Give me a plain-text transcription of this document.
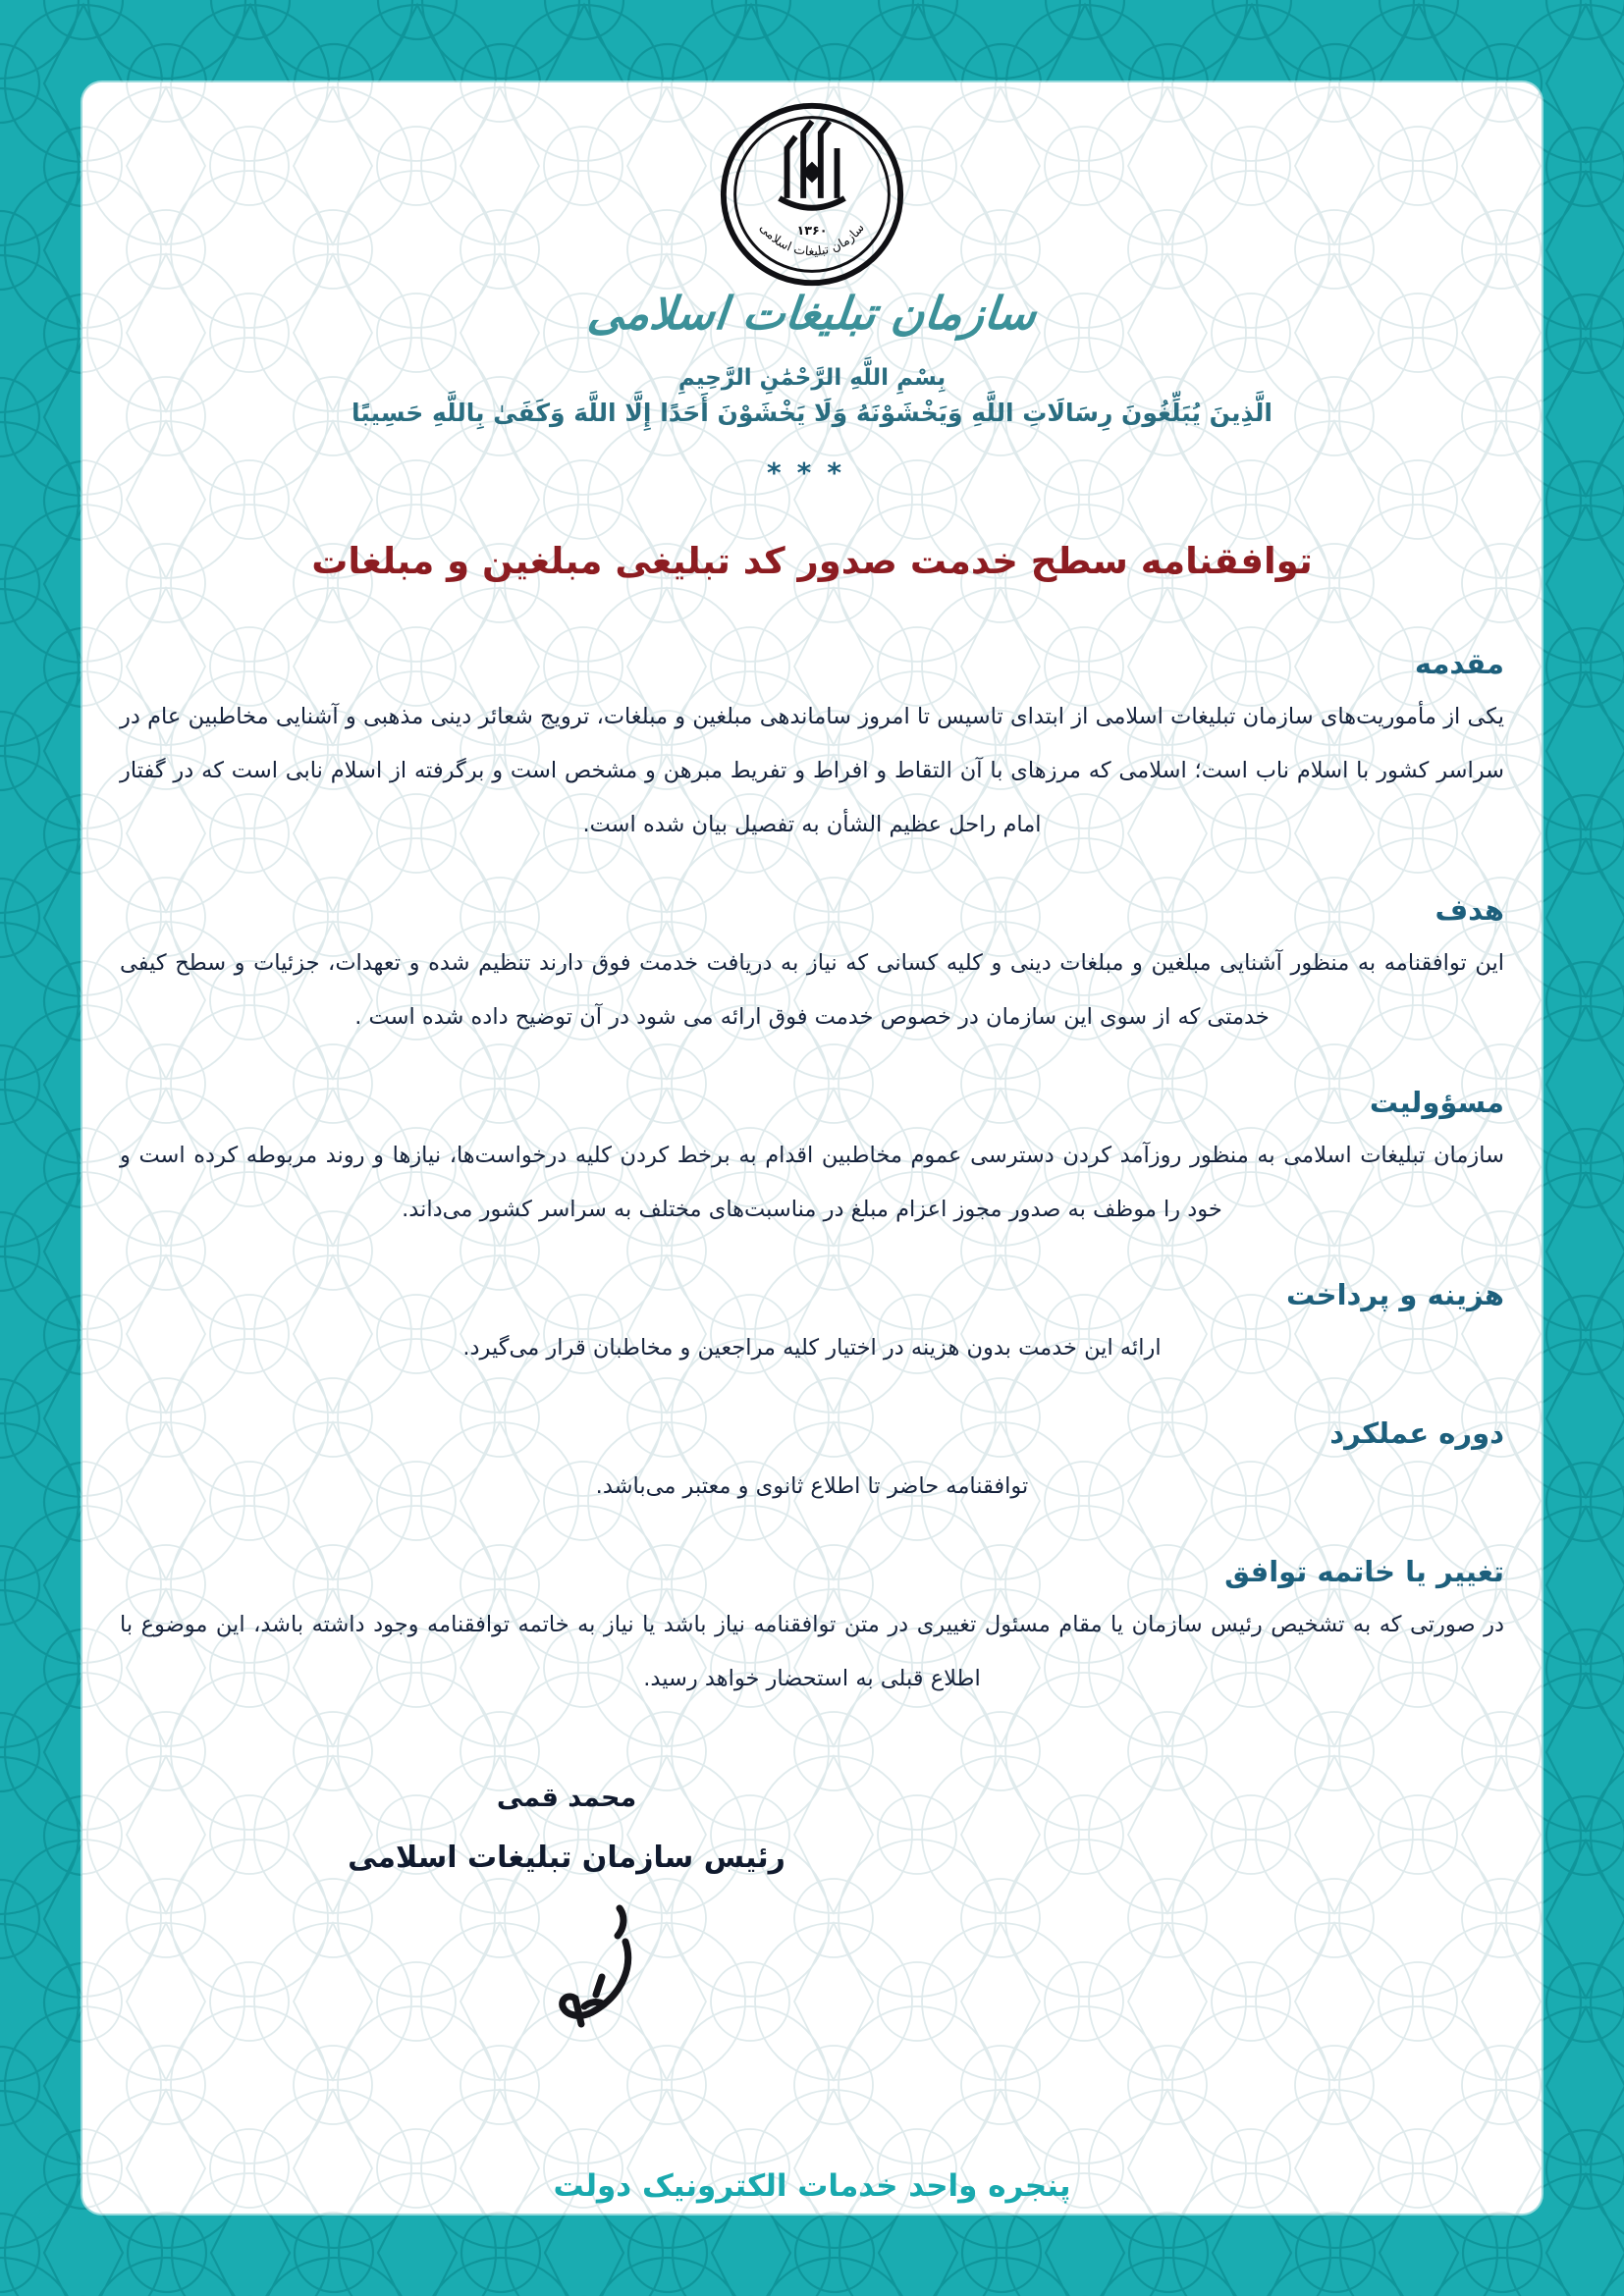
۱۳۶۰
سازمان تبلیغات اسلامی
سازمان تبلیغات اسلامی
بِسْمِ اللَّهِ الرَّحْمَٰنِ الرَّحِيمِ
الَّذِينَ يُبَلِّغُونَ رِسَالَاتِ اللَّهِ وَيَخْشَوْنَهُ وَلَا يَخْشَوْنَ أَحَدًا إِلَّا اللَّهَ وَكَفَىٰ بِاللَّهِ حَسِيبًا
***
توافقنامه سطح خدمت صدور کد تبلیغی مبلغین و مبلغات
مقدمه

یکی از مأموریت‌های سازمان تبلیغات اسلامی از ابتدای تاسیس تا امروز ساماندهی مبلغین و مبلغات، ترویج شعائر دینی مذهبی و آشنایی مخاطبین عام در سراسر کشور با اسلام ناب است؛ اسلامی که مرزهای با آن التقاط و افراط و تفریط مبرهن و مشخص است و برگرفته از اسلام نابی است که در گفتار امام راحل عظیم الشأن به تفصیل بیان شده است.

هدف

این توافقنامه به منظور آشنایی مبلغین و مبلغات دینی و کلیه کسانی که نیاز به دریافت خدمت فوق دارند تنظیم شده و تعهدات، جزئیات و سطح کیفی خدمتی که از سوی این سازمان در خصوص خدمت فوق ارائه می شود در آن توضیح داده شده است .

مسؤولیت

سازمان تبلیغات اسلامی به منظور روزآمد کردن دسترسی عموم مخاطبین اقدام به برخط کردن کلیه درخواست‌ها، نیازها و روند مربوطه کرده است و خود را موظف به صدور مجوز اعزام مبلغ در مناسبت‌های مختلف به سراسر کشور می‌داند.

هزینه و پرداخت

ارائه این خدمت بدون هزینه در اختیار کلیه مراجعین و مخاطبان قرار می‌گیرد.

دوره عملکرد

توافقنامه حاضر تا اطلاع ثانوی و معتبر می‌باشد.

تغییر یا خاتمه توافق

در صورتی که به تشخیص رئیس سازمان یا مقام مسئول تغییری در متن توافقنامه نیاز باشد یا نیاز به خاتمه توافقنامه وجود داشته باشد، این موضوع با اطلاع قبلی به استحضار خواهد رسید.

محمد قمی
رئیس سازمان تبلیغات اسلامی
پنجره واحد خدمات الکترونیک دولت
